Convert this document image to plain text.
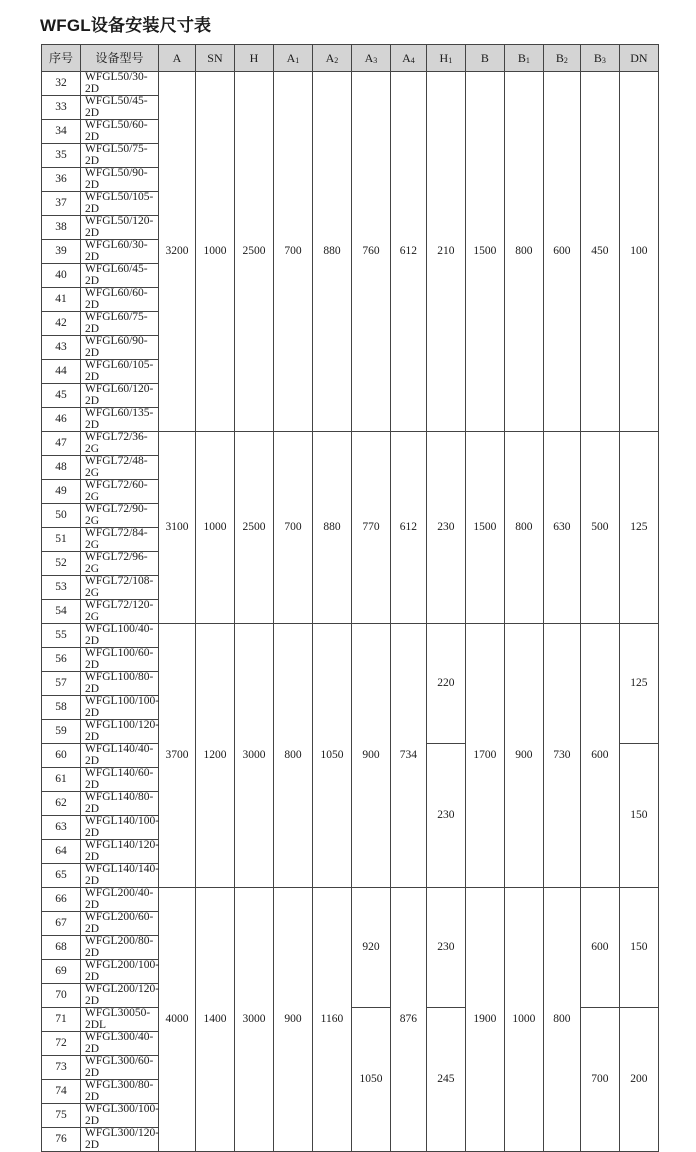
WFGL设备安装尺寸表
序号	设备型号	A	SN	H	A1	A2	A3	A4	H1	B	B1	B2	B3	DN
32	WFGL50/30-2D	3200	1000	2500	700	880	760	612	210	1500	800	600	450	100
33	WFGL50/45-2D													
34	WFGL50/60-2D													
35	WFGL50/75-2D													
36	WFGL50/90-2D													
37	WFGL50/105-2D													
38	WFGL50/120-2D													
39	WFGL60/30-2D													
40	WFGL60/45-2D													
41	WFGL60/60-2D													
42	WFGL60/75-2D													
43	WFGL60/90-2D													
44	WFGL60/105-2D													
45	WFGL60/120-2D													
46	WFGL60/135-2D													
47	WFGL72/36-2G	3100	1000	2500	700	880	770	612	230	1500	800	630	500	125
48	WFGL72/48-2G													
49	WFGL72/60-2G													
50	WFGL72/90-2G													
51	WFGL72/84-2G													
52	WFGL72/96-2G													
53	WFGL72/108-2G													
54	WFGL72/120-2G													
55	WFGL100/40-2D	3700	1200	3000	800	1050	900	734	220	1700	900	730	600	125
56	WFGL100/60-2D													
57	WFGL100/80-2D													
58	WFGL100/100-2D													
59	WFGL100/120-2D													
60	WFGL140/40-2D								230					150
61	WFGL140/60-2D													
62	WFGL140/80-2D													
63	WFGL140/100-2D													
64	WFGL140/120-2D													
65	WFGL140/140-2D													
66	WFGL200/40-2D	4000	1400	3000	900	1160	920	876	230	1900	1000	800	600	150
67	WFGL200/60-2D													
68	WFGL200/80-2D													
69	WFGL200/100-2D													
70	WFGL200/120-2D													
71	WFGL30050-2DL						1050		245				700	200
72	WFGL300/40-2D													
73	WFGL300/60-2D													
74	WFGL300/80-2D													
75	WFGL300/100-2D													
76	WFGL300/120-2D													
